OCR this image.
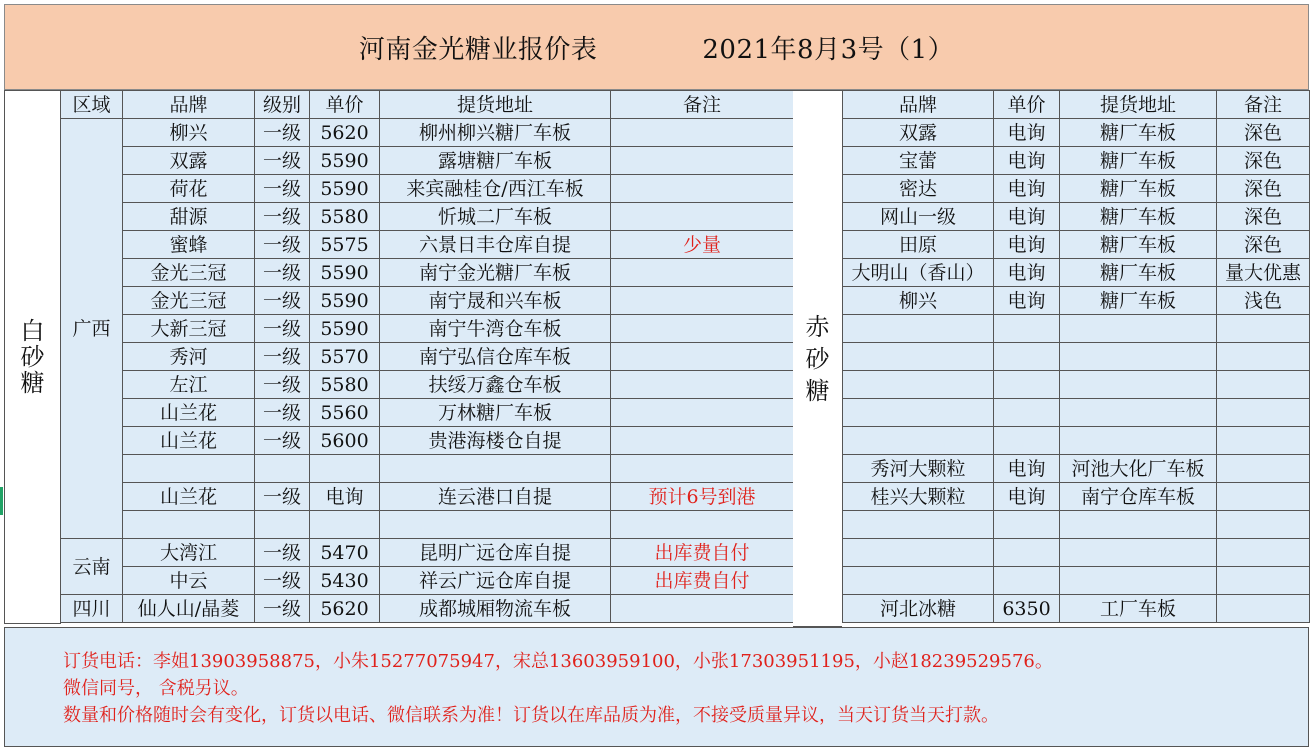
河南金光糖业报价表	2021年8月3号（1）
白
砂
糖	区域	品牌	级别	单价	提货地址	备注
	广西	柳兴	一级	5620	柳州柳兴糖厂车板	
		双露	一级	5590	露塘糖厂车板	
		荷花	一级	5590	来宾融桂仓/西江车板	
		甜源	一级	5580	忻城二厂车板	
		蜜蜂	一级	5575	六景日丰仓库自提	少量
		金光三冠	一级	5590	南宁金光糖厂车板	
		金光三冠	一级	5590	南宁晟和兴车板	
		大新三冠	一级	5590	南宁牛湾仓车板	
		秀河	一级	5570	南宁弘信仓库车板	
		左江	一级	5580	扶绥万鑫仓车板	
		山兰花	一级	5560	万林糖厂车板	
		山兰花	一级	5600	贵港海楼仓自提	

		山兰花	一级	电询	连云港口自提	预计6号到港

	云南	大湾江	一级	5470	昆明广远仓库自提	出库费自付
		中云	一级	5430	祥云广远仓库自提	出库费自付
	四川	仙人山/晶菱	一级	5620	成都城厢物流车板	

赤
砂
糖
品牌	单价	提货地址	备注
双露	电询	糖厂车板	深色
宝蕾	电询	糖厂车板	深色
密达	电询	糖厂车板	深色
网山一级	电询	糖厂车板	深色
田原	电询	糖厂车板	深色
大明山（香山）	电询	糖厂车板	量大优惠
柳兴	电询	糖厂车板	浅色

秀河大颗粒	电询	河池大化厂车板	
桂兴大颗粒	电询	南宁仓库车板	

河北冰糖	6350	工厂车板	
订货电话：李姐13903958875，小朱15277075947，宋总13603959100，小张17303951195，小赵18239529576。
微信同号， 含税另议。
数量和价格随时会有变化，订货以电话、微信联系为准！订货以在库品质为准，不接受质量异议，当天订货当天打款。
